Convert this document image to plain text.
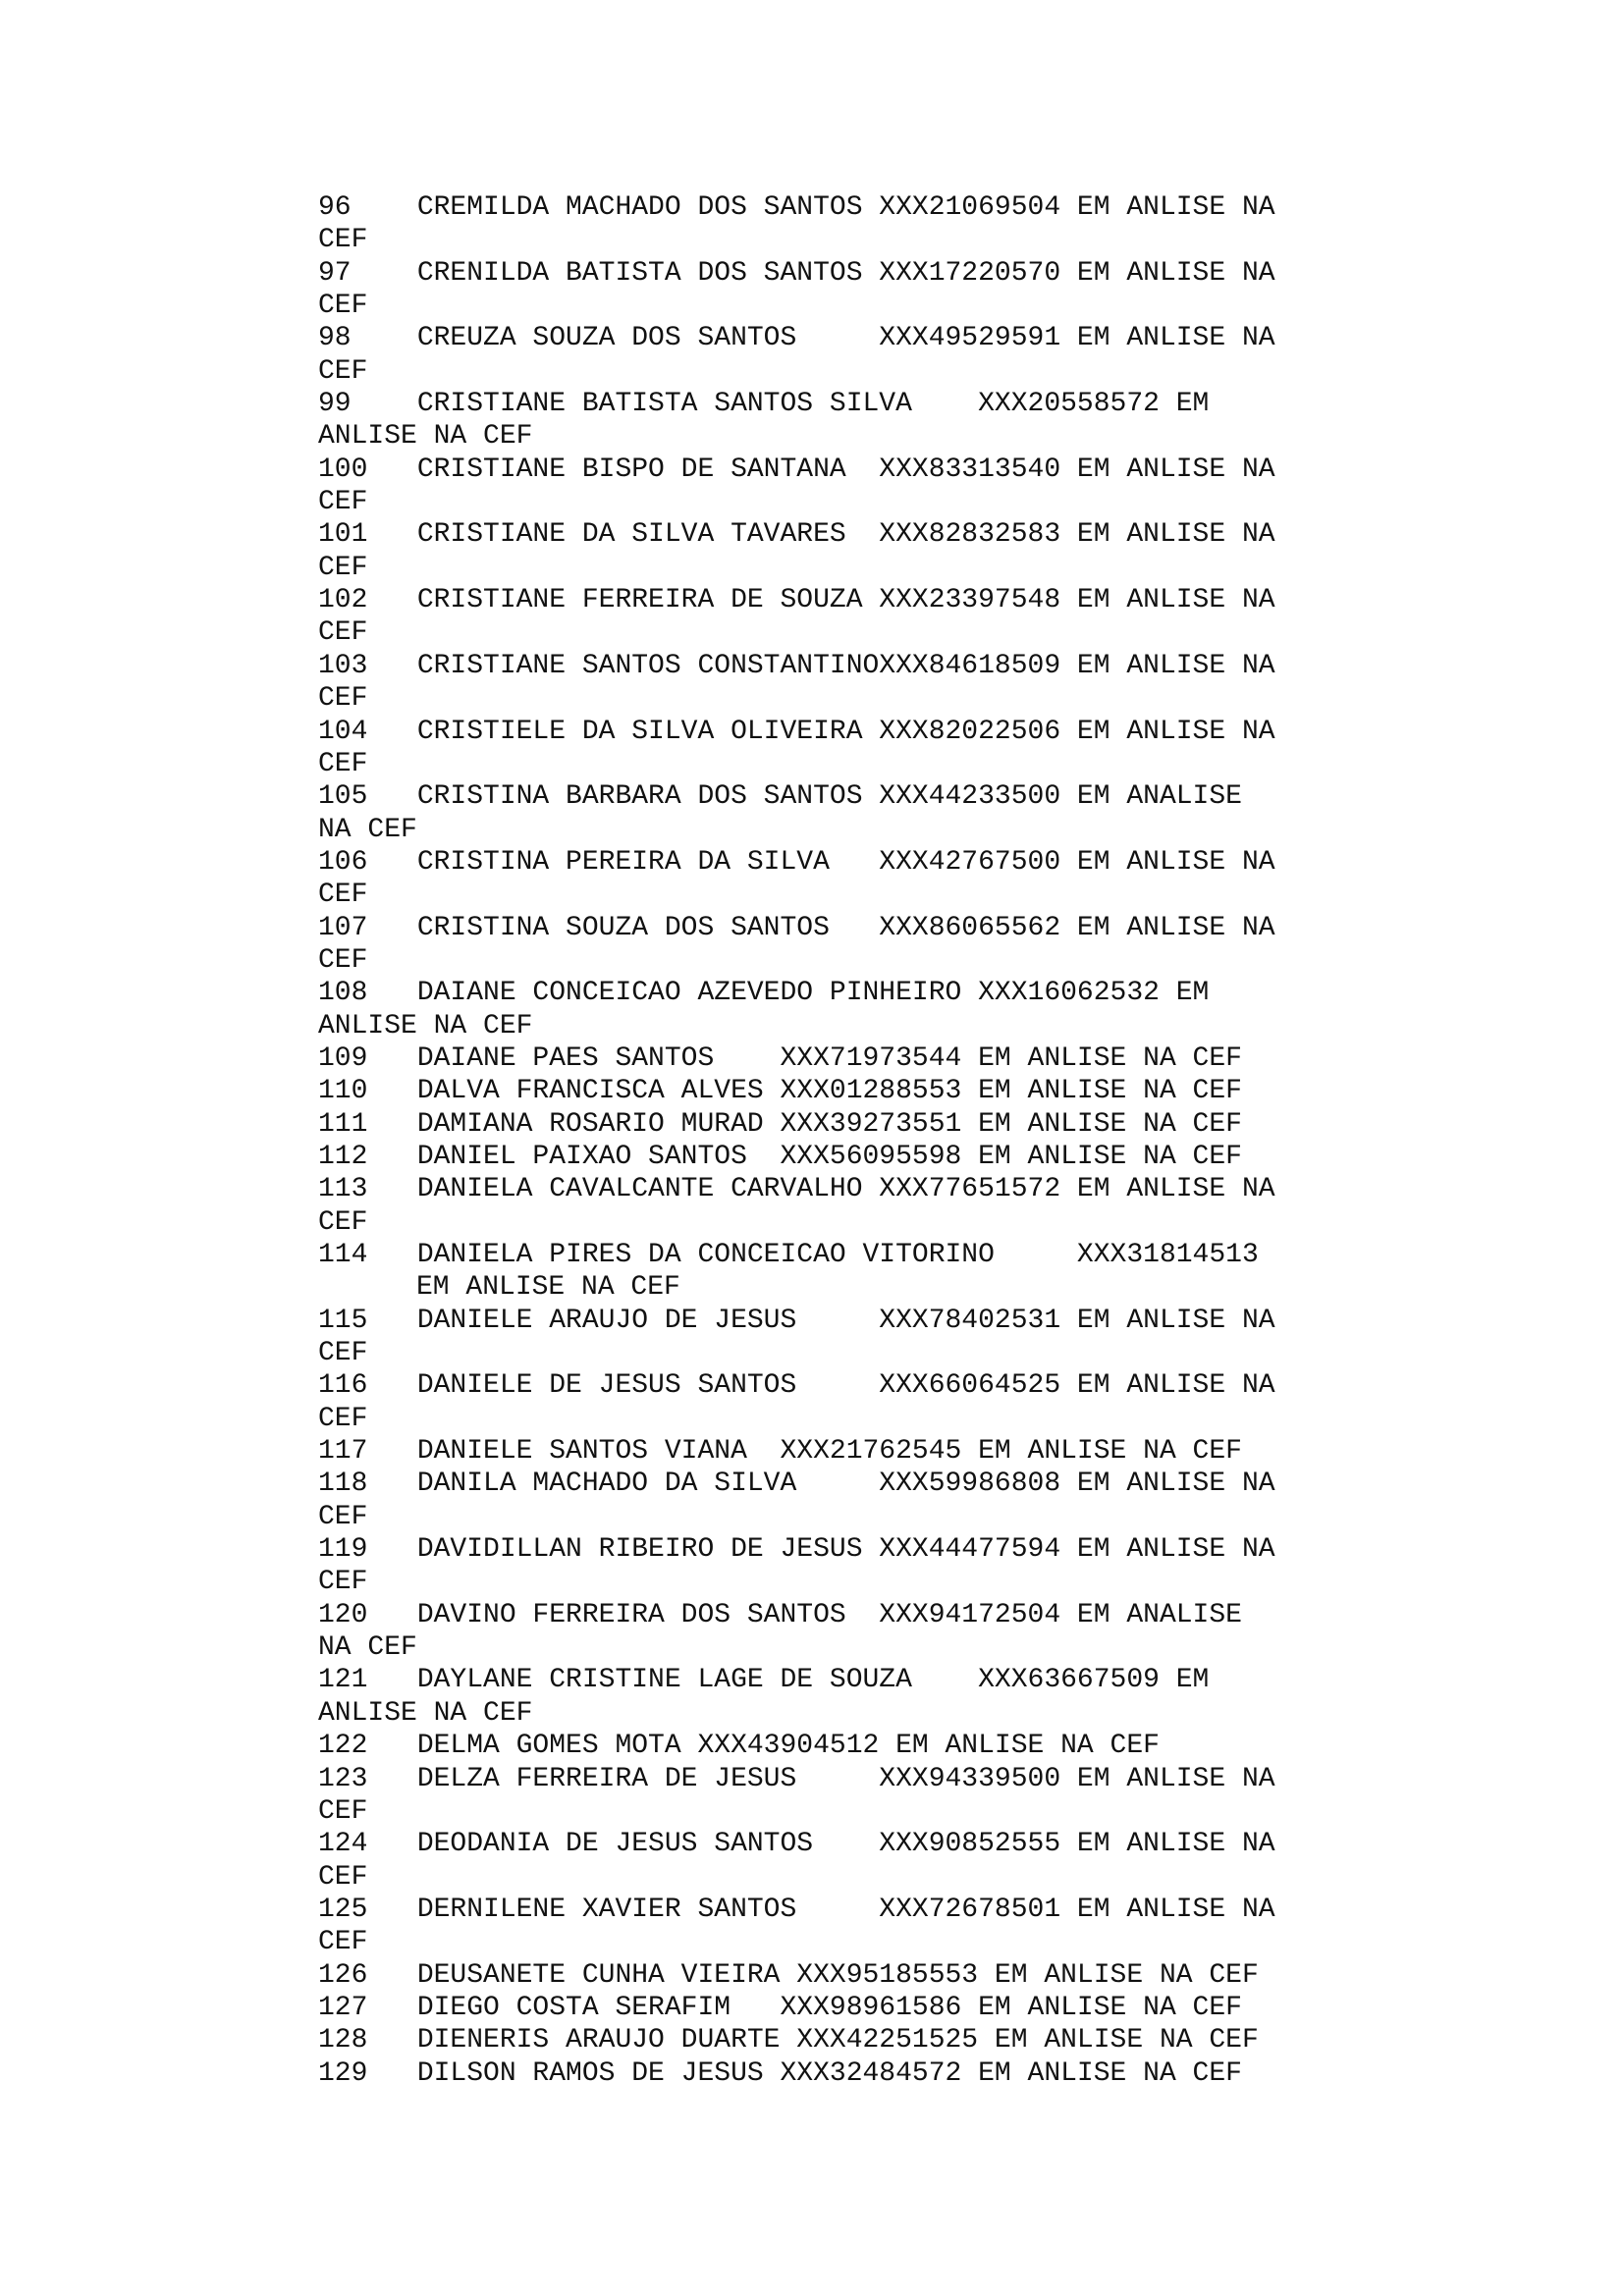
96    CREMILDA MACHADO DOS SANTOS XXX21069504 EM ANLISE NA

CEF

97    CRENILDA BATISTA DOS SANTOS XXX17220570 EM ANLISE NA

CEF

98    CREUZA SOUZA DOS SANTOS     XXX49529591 EM ANLISE NA

CEF

99    CRISTIANE BATISTA SANTOS SILVA    XXX20558572 EM

ANLISE NA CEF

100   CRISTIANE BISPO DE SANTANA  XXX83313540 EM ANLISE NA

CEF

101   CRISTIANE DA SILVA TAVARES  XXX82832583 EM ANLISE NA

CEF

102   CRISTIANE FERREIRA DE SOUZA XXX23397548 EM ANLISE NA

CEF

103   CRISTIANE SANTOS CONSTANTINOXXX84618509 EM ANLISE NA

CEF

104   CRISTIELE DA SILVA OLIVEIRA XXX82022506 EM ANLISE NA

CEF

105   CRISTINA BARBARA DOS SANTOS XXX44233500 EM ANALISE

NA CEF

106   CRISTINA PEREIRA DA SILVA   XXX42767500 EM ANLISE NA

CEF

107   CRISTINA SOUZA DOS SANTOS   XXX86065562 EM ANLISE NA

CEF

108   DAIANE CONCEICAO AZEVEDO PINHEIRO XXX16062532 EM

ANLISE NA CEF

109   DAIANE PAES SANTOS    XXX71973544 EM ANLISE NA CEF

110   DALVA FRANCISCA ALVES XXX01288553 EM ANLISE NA CEF

111   DAMIANA ROSARIO MURAD XXX39273551 EM ANLISE NA CEF

112   DANIEL PAIXAO SANTOS  XXX56095598 EM ANLISE NA CEF

113   DANIELA CAVALCANTE CARVALHO XXX77651572 EM ANLISE NA

CEF

114   DANIELA PIRES DA CONCEICAO VITORINO     XXX31814513

EM ANLISE NA CEF

115   DANIELE ARAUJO DE JESUS     XXX78402531 EM ANLISE NA

CEF

116   DANIELE DE JESUS SANTOS     XXX66064525 EM ANLISE NA

CEF

117   DANIELE SANTOS VIANA  XXX21762545 EM ANLISE NA CEF

118   DANILA MACHADO DA SILVA     XXX59986808 EM ANLISE NA

CEF

119   DAVIDILLAN RIBEIRO DE JESUS XXX44477594 EM ANLISE NA

CEF

120   DAVINO FERREIRA DOS SANTOS  XXX94172504 EM ANALISE

NA CEF

121   DAYLANE CRISTINE LAGE DE SOUZA    XXX63667509 EM

ANLISE NA CEF

122   DELMA GOMES MOTA XXX43904512 EM ANLISE NA CEF

123   DELZA FERREIRA DE JESUS     XXX94339500 EM ANLISE NA

CEF

124   DEODANIA DE JESUS SANTOS    XXX90852555 EM ANLISE NA

CEF

125   DERNILENE XAVIER SANTOS     XXX72678501 EM ANLISE NA

CEF

126   DEUSANETE CUNHA VIEIRA XXX95185553 EM ANLISE NA CEF

127   DIEGO COSTA SERAFIM   XXX98961586 EM ANLISE NA CEF

128   DIENERIS ARAUJO DUARTE XXX42251525 EM ANLISE NA CEF

129   DILSON RAMOS DE JESUS XXX32484572 EM ANLISE NA CEF
